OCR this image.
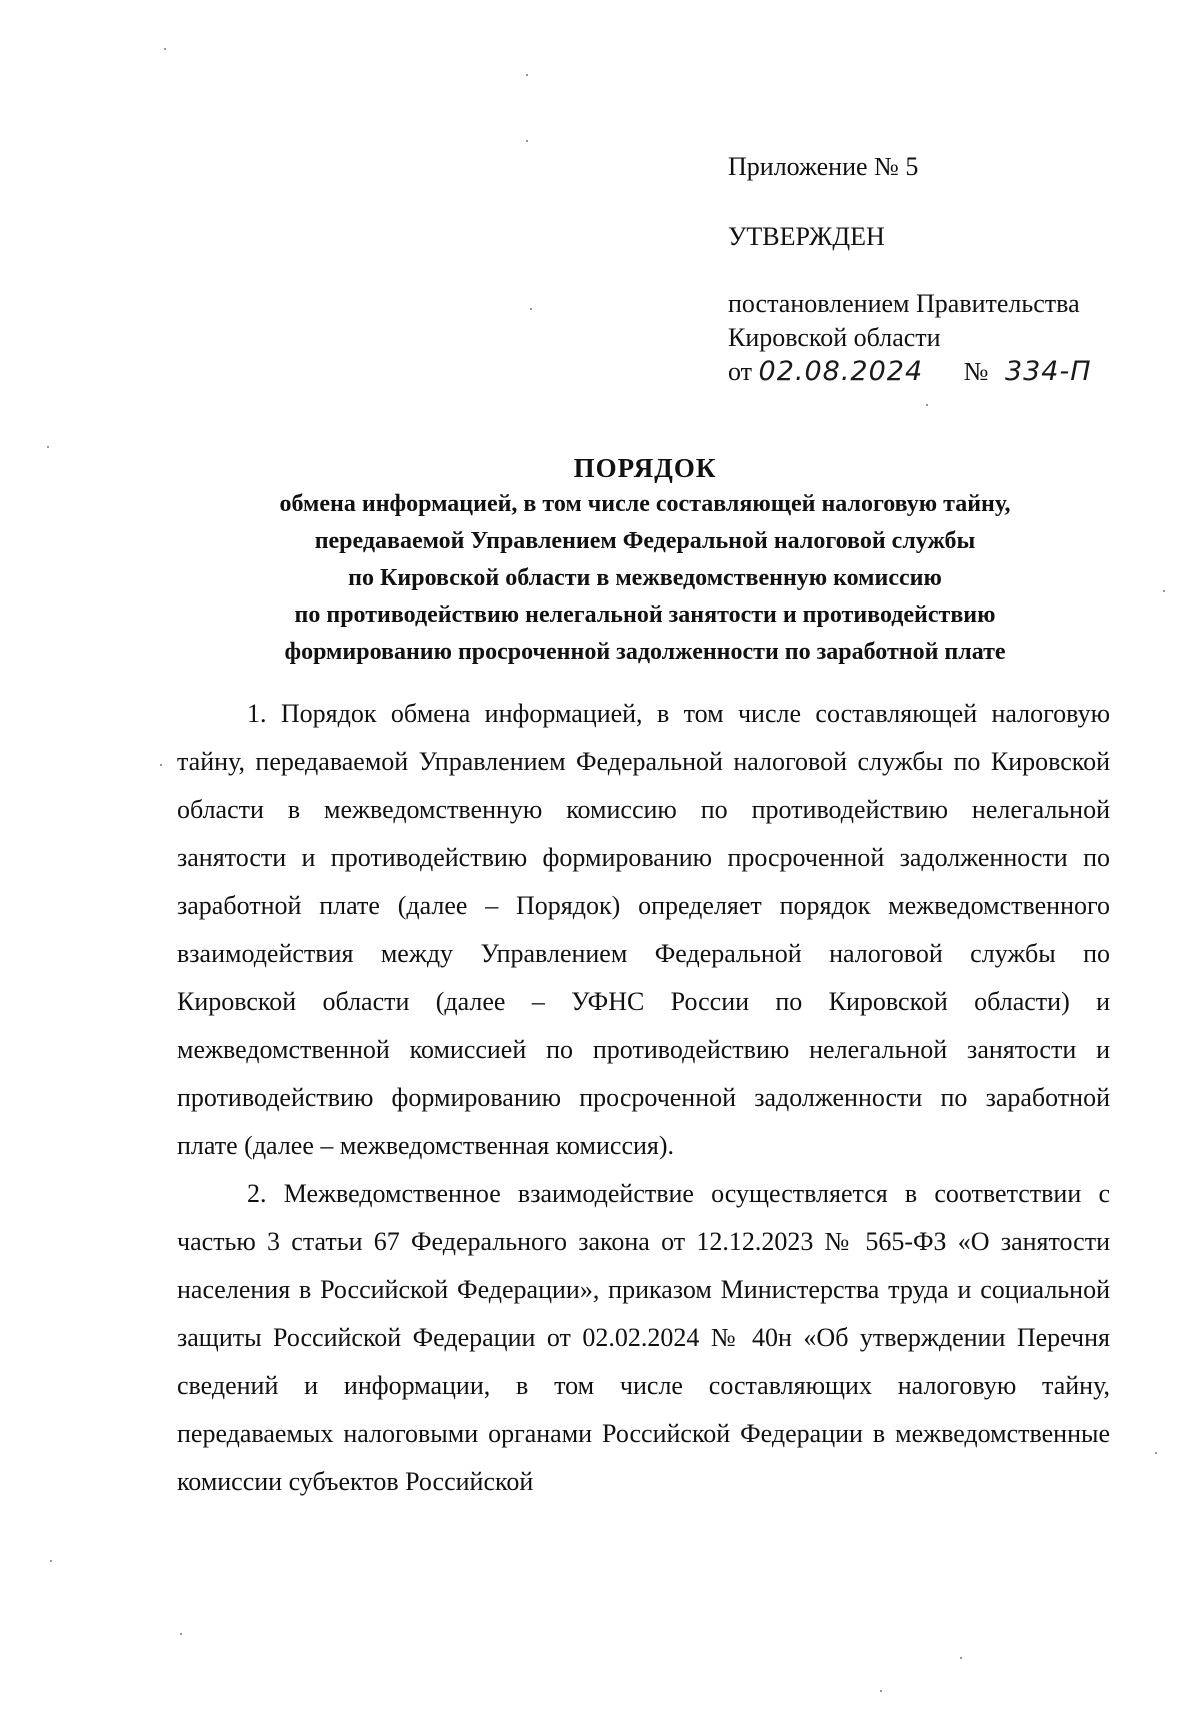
Приложение № 5
УТВЕРЖДЕН
постановлением Правительства
Кировской области
от 02.08.2024 № 334-П
ПОРЯДОК
обмена информацией, в том числе составляющей налоговую тайну,
передаваемой Управлением Федеральной налоговой службы
по Кировской области в межведомственную комиссию
по противодействию нелегальной занятости и противодействию
формированию просроченной задолженности по заработной плате

1. Порядок обмена информацией, в том числе составляющей налоговую тайну, передаваемой Управлением Федеральной налоговой службы по Кировской области в межведомственную комиссию по противодействию нелегальной занятости и противодействию формированию просроченной задолженности по заработной плате (далее – Порядок) определяет порядок межведомственного взаимодействия между Управлением Федеральной налоговой службы по Кировской области (далее – УФНС России по Кировской области) и межведомственной комиссией по противодействию нелегальной занятости и противодействию формированию просроченной задолженности по заработной плате (далее – межведомственная комиссия).

2. Межведомственное взаимодействие осуществляется в соответствии с частью 3 статьи 67 Федерального закона от 12.12.2023 № 565-ФЗ «О занятости населения в Российской Федерации», приказом Министерства труда и социальной защиты Российской Федерации от 02.02.2024 № 40н «Об утверждении Перечня сведений и информации, в том числе составляющих налоговую тайну, передаваемых налоговыми органами Российской Федерации в межведомственные комиссии субъектов Российской
